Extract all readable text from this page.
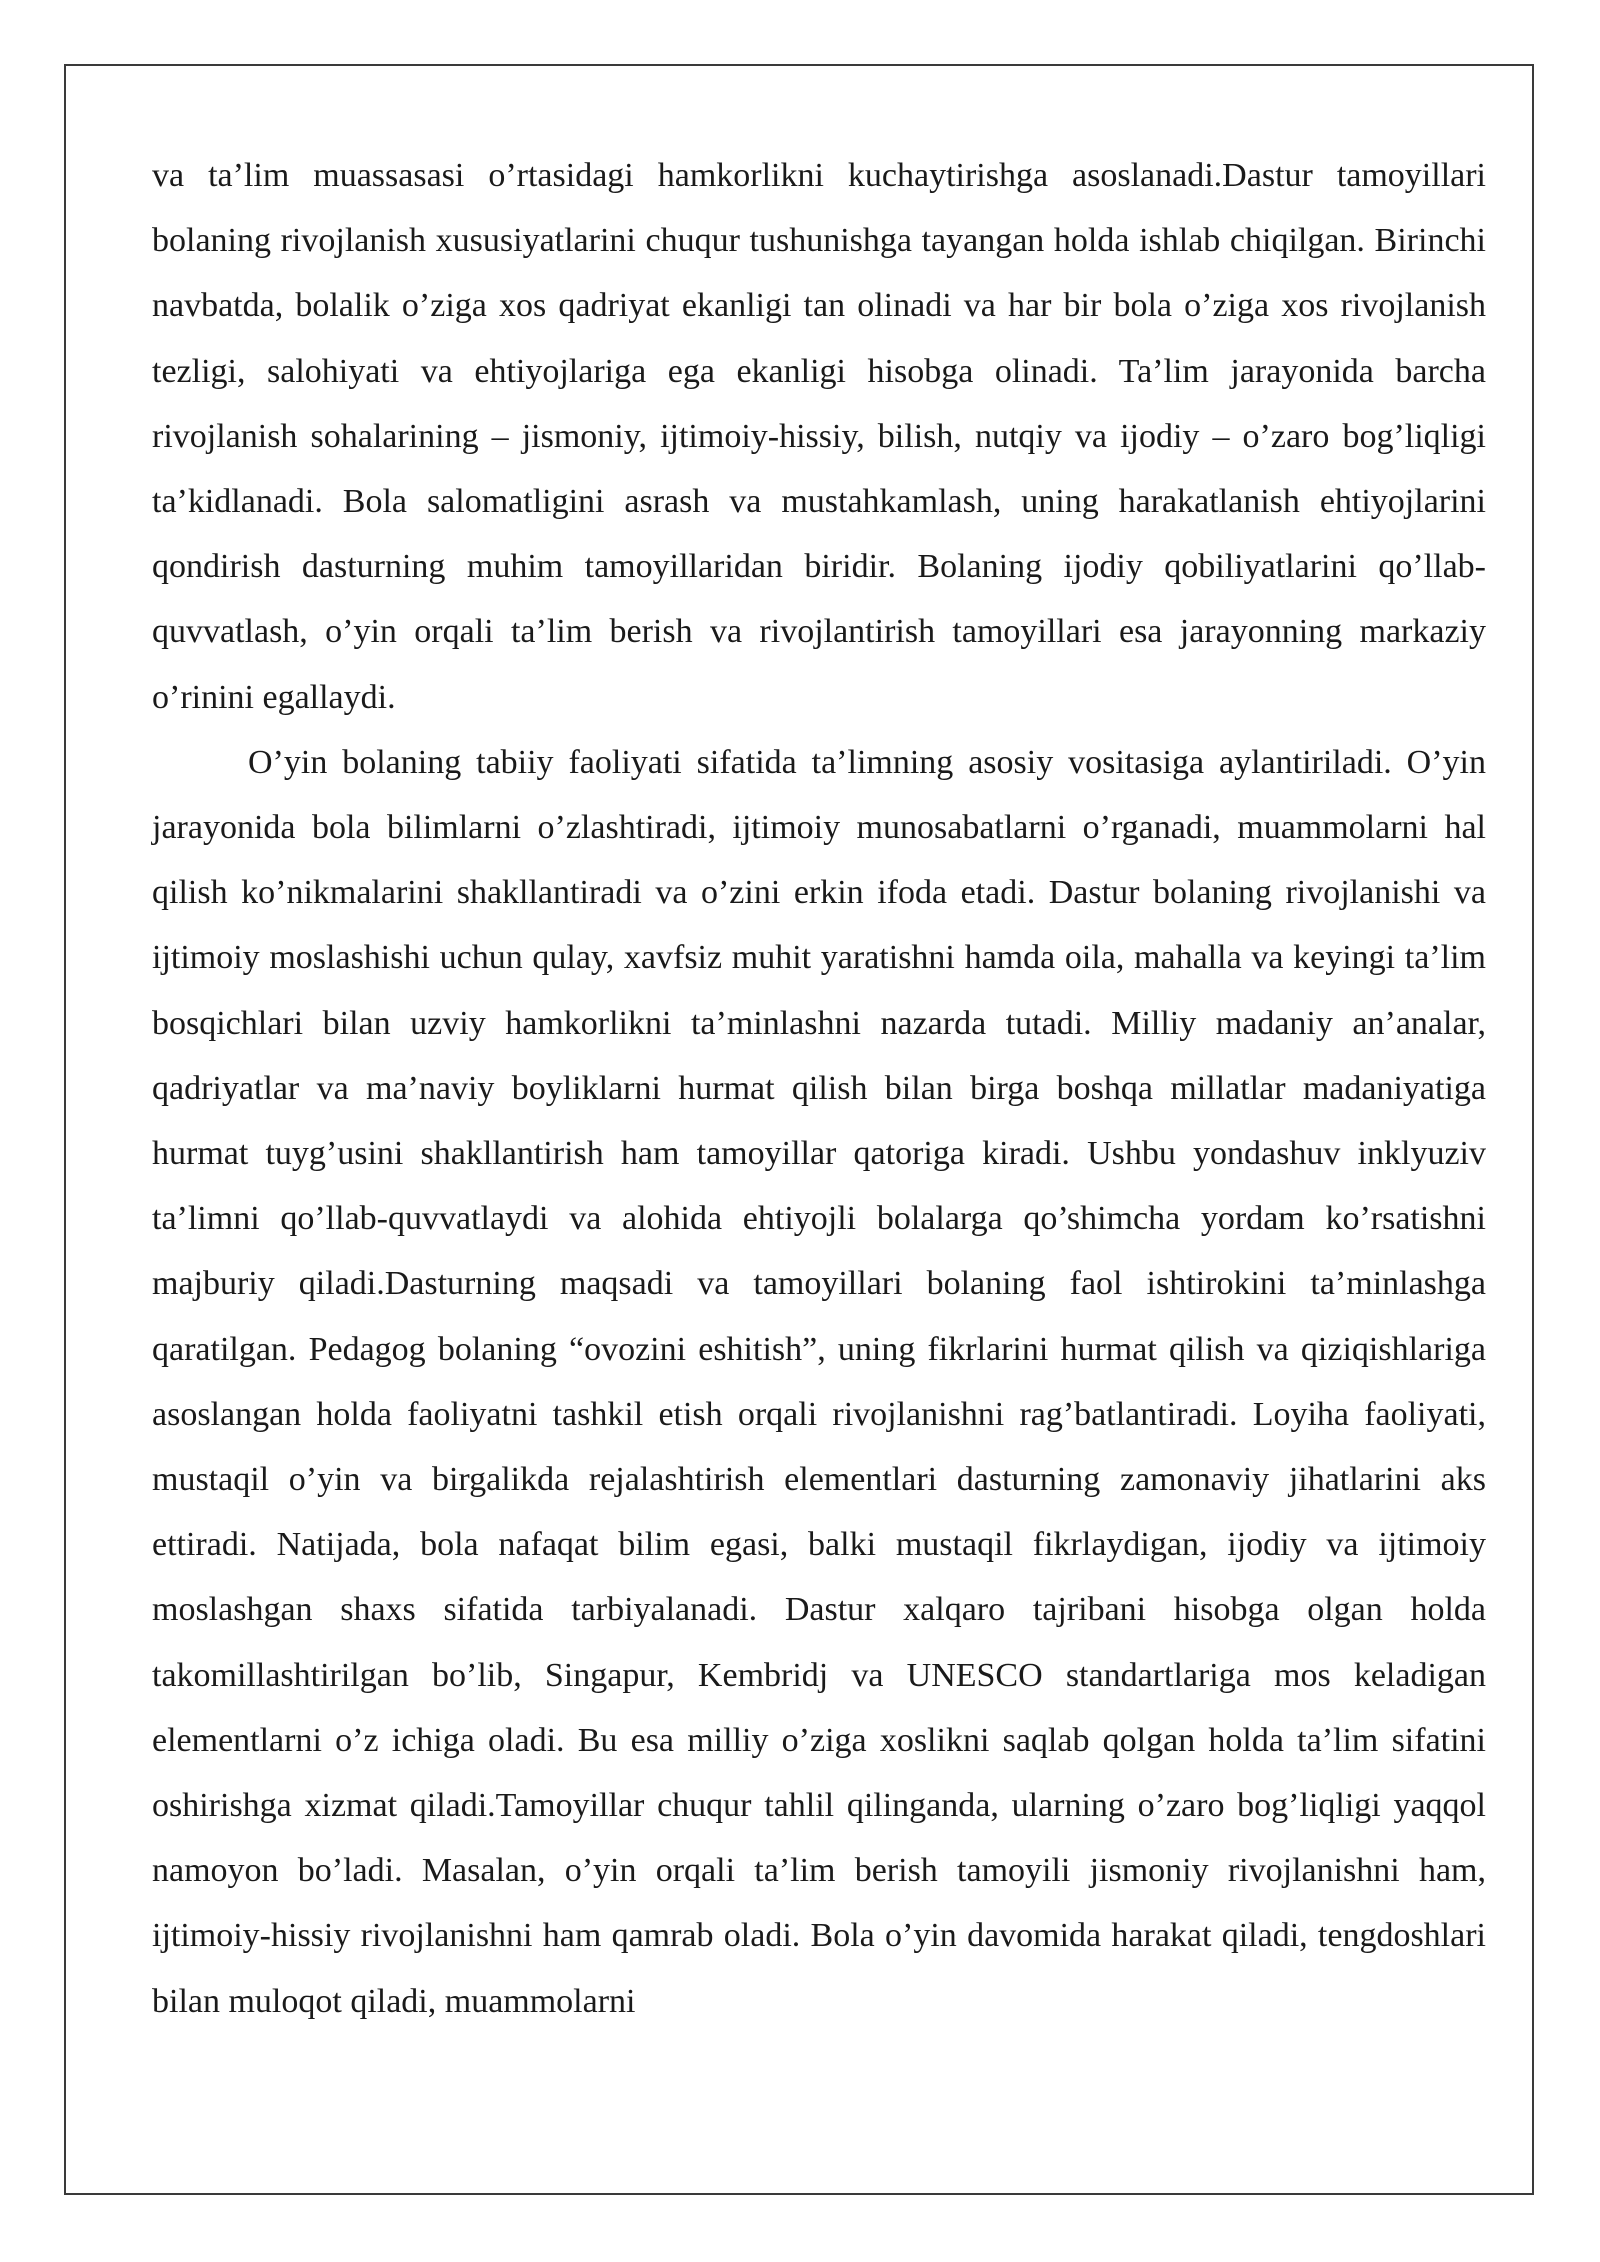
va ta’lim muassasasi o’rtasidagi hamkorlikni kuchaytirishga asoslanadi.Dastur tamoyillari bolaning rivojlanish xususiyatlarini chuqur tushunishga tayangan holda ishlab chiqilgan. Birinchi navbatda, bolalik o’ziga xos qadriyat ekanligi tan olinadi va har bir bola o’ziga xos rivojlanish tezligi, salohiyati va ehtiyojlariga ega ekanligi hisobga olinadi. Ta’lim jarayonida barcha rivojlanish sohalarining – jismoniy, ijtimoiy-hissiy, bilish, nutqiy va ijodiy – o’zaro bog’liqligi ta’kidlanadi. Bola salomatligini asrash va mustahkamlash, uning harakatlanish ehtiyojlarini qondirish dasturning muhim tamoyillaridan biridir. Bolaning ijodiy qobiliyatlarini qo’llab-quvvatlash, o’yin orqali ta’lim berish va rivojlantirish tamoyillari esa jarayonning markaziy o’rinini egallaydi.

O’yin bolaning tabiiy faoliyati sifatida ta’limning asosiy vositasiga aylantiriladi. O’yin jarayonida bola bilimlarni o’zlashtiradi, ijtimoiy munosabatlarni o’rganadi, muammolarni hal qilish ko’nikmalarini shakllantiradi va o’zini erkin ifoda etadi. Dastur bolaning rivojlanishi va ijtimoiy moslashishi uchun qulay, xavfsiz muhit yaratishni hamda oila, mahalla va keyingi ta’lim bosqichlari bilan uzviy hamkorlikni ta’minlashni nazarda tutadi. Milliy madaniy an’analar, qadriyatlar va ma’naviy boyliklarni hurmat qilish bilan birga boshqa millatlar madaniyatiga hurmat tuyg’usini shakllantirish ham tamoyillar qatoriga kiradi. Ushbu yondashuv inklyuziv ta’limni qo’llab-quvvatlaydi va alohida ehtiyojli bolalarga qo’shimcha yordam ko’rsatishni majburiy qiladi.Dasturning maqsadi va tamoyillari bolaning faol ishtirokini ta’minlashga qaratilgan. Pedagog bolaning “ovozini eshitish”, uning fikrlarini hurmat qilish va qiziqishlariga asoslangan holda faoliyatni tashkil etish orqali rivojlanishni rag’batlantiradi. Loyiha faoliyati, mustaqil o’yin va birgalikda rejalashtirish elementlari dasturning zamonaviy jihatlarini aks ettiradi. Natijada, bola nafaqat bilim egasi, balki mustaqil fikrlaydigan, ijodiy va ijtimoiy moslashgan shaxs sifatida tarbiyalanadi. Dastur xalqaro tajribani hisobga olgan holda takomillashtirilgan bo’lib, Singapur, Kembridj va UNESCO standartlariga mos keladigan elementlarni o’z ichiga oladi. Bu esa milliy o’ziga xoslikni saqlab qolgan holda ta’lim sifatini oshirishga xizmat qiladi.Tamoyillar chuqur tahlil qilinganda, ularning o’zaro bog’liqligi yaqqol namoyon bo’ladi. Masalan, o’yin orqali ta’lim berish tamoyili jismoniy rivojlanishni ham, ijtimoiy-hissiy rivojlanishni ham qamrab oladi. Bola o’yin davomida harakat qiladi, tengdoshlari bilan muloqot qiladi, muammolarni
